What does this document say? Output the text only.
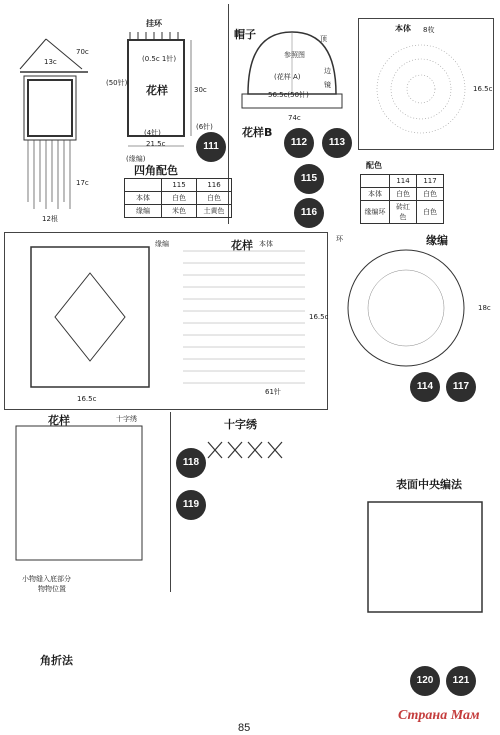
70c
13c
17c
12根
挂环
(0.5c 1针)
(50针)
花样
(4针)
21.5c
30c
(6针)
(缘编)
帽子
参照图
顶
(花样 A)
边
镜
56.5c(50针)
74c
花样B
本体 8枚
16.5c
四角配色
	115	116
本体	白色	白色
缘编	米色	土黄色
配色
	114	117
本体	白色	白色
缘编环	砖红色	白色
缘编	花样 本体
16.5c
16.5c
61针
缘编
环
18c
花样	十字绣
小物缝入底部分
物物位置
十字绣
表面中央编法
角折法
111	112	113
115
116
114	117
118
119
120	121
85
Страна Мам
